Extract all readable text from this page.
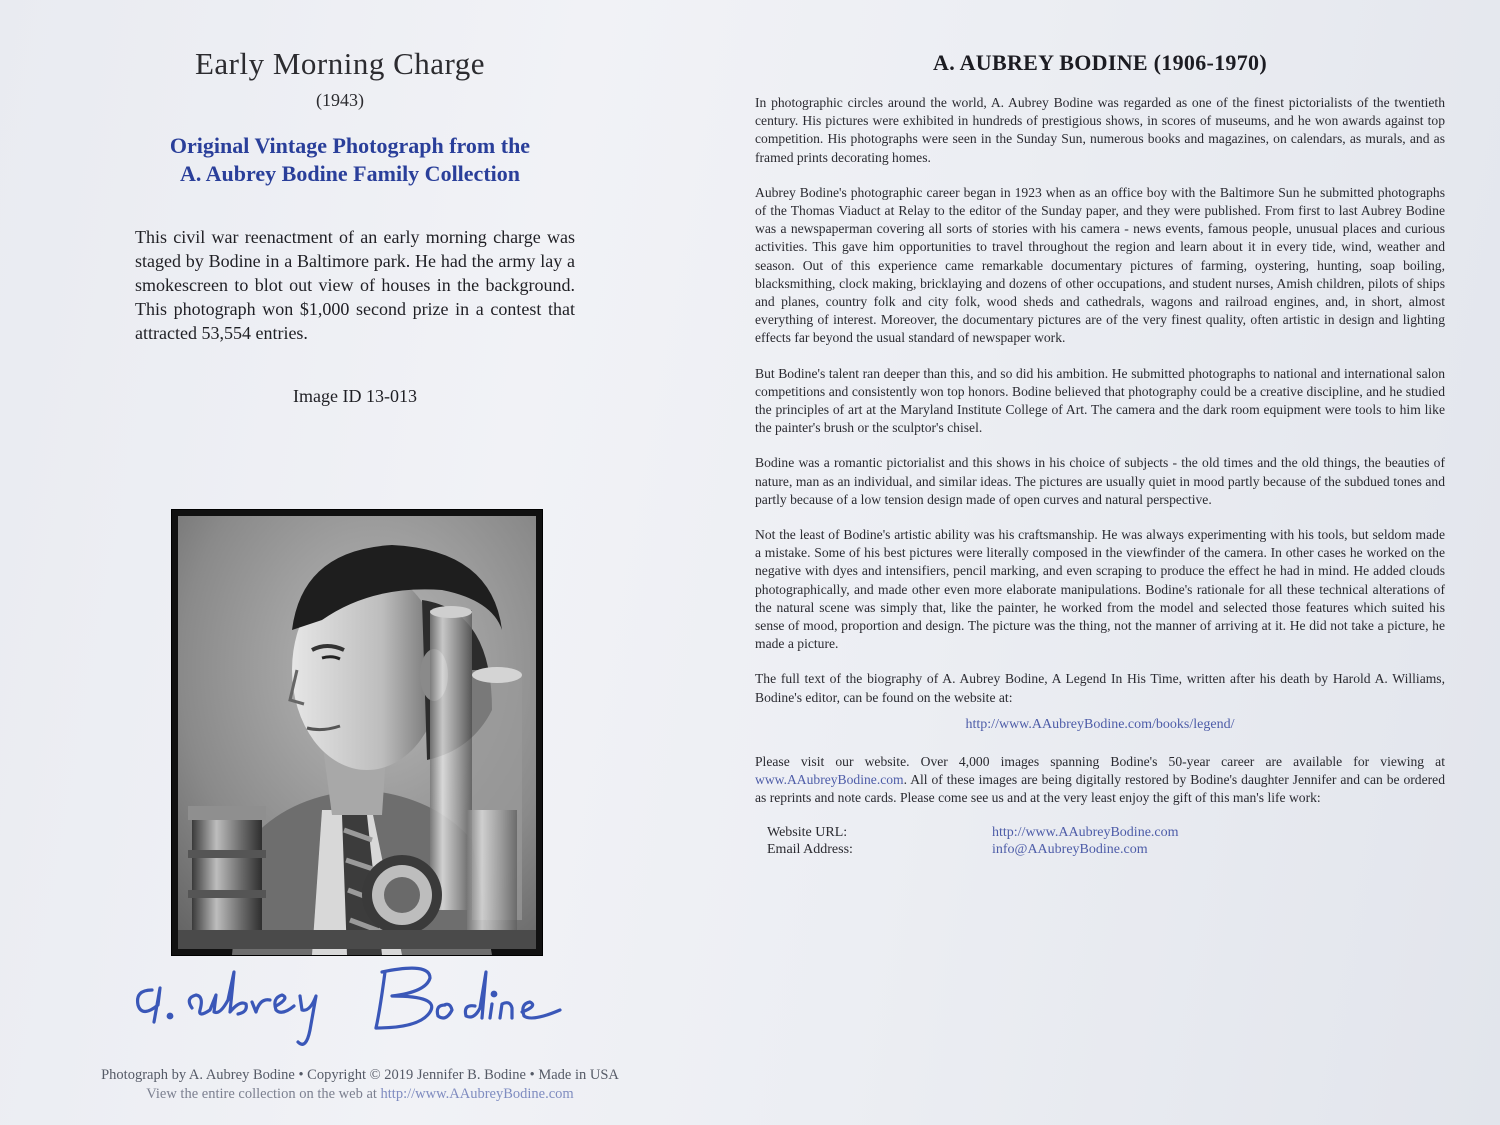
Early Morning Charge
(1943)
Original Vintage Photograph from the
A. Aubrey Bodine Family Collection

This civil war reenactment of an early morning charge was staged by Bodine in a Baltimore park. He had the army lay a smokescreen to blot out view of houses in the background. This photograph won $1,000 second prize in a contest that attracted 53,554 entries.

Image ID 13-013
Photograph by A. Aubrey Bodine • Copyright © 2019 Jennifer B. Bodine • Made in USA
View the entire collection on the web at http://www.AAubreyBodine.com
A. AUBREY BODINE (1906-1970)

In photographic circles around the world, A. Aubrey Bodine was regarded as one of the finest pictorialists of the twentieth century. His pictures were exhibited in hundreds of prestigious shows, in scores of museums, and he won awards against top competition. His photographs were seen in the Sunday Sun, numerous books and magazines, on calendars, as murals, and as framed prints decorating homes.

Aubrey Bodine's photographic career began in 1923 when as an office boy with the Baltimore Sun he submitted photographs of the Thomas Viaduct at Relay to the editor of the Sunday paper, and they were published. From first to last Aubrey Bodine was a newspaperman covering all sorts of stories with his camera - news events, famous people, unusual places and curious activities. This gave him opportunities to travel throughout the region and learn about it in every tide, wind, weather and season. Out of this experience came remarkable documentary pictures of farming, oystering, hunting, soap boiling, blacksmithing, clock making, bricklaying and dozens of other occupations, and student nurses, Amish children, pilots of ships and planes, country folk and city folk, wood sheds and cathedrals, wagons and railroad engines, and, in short, almost everything of interest. Moreover, the documentary pictures are of the very finest quality, often artistic in design and lighting effects far beyond the usual standard of newspaper work.

But Bodine's talent ran deeper than this, and so did his ambition. He submitted photographs to national and international salon competitions and consistently won top honors. Bodine believed that photography could be a creative discipline, and he studied the principles of art at the Maryland Institute College of Art. The camera and the dark room equipment were tools to him like the painter's brush or the sculptor's chisel.

Bodine was a romantic pictorialist and this shows in his choice of subjects - the old times and the old things, the beauties of nature, man as an individual, and similar ideas. The pictures are usually quiet in mood partly because of the subdued tones and partly because of a low tension design made of open curves and natural perspective.

Not the least of Bodine's artistic ability was his craftsmanship. He was always experimenting with his tools, but seldom made a mistake. Some of his best pictures were literally composed in the viewfinder of the camera. In other cases he worked on the negative with dyes and intensifiers, pencil marking, and even scraping to produce the effect he had in mind. He added clouds photographically, and made other even more elaborate manipulations. Bodine's rationale for all these technical alterations of the natural scene was simply that, like the painter, he worked from the model and selected those features which suited his sense of mood, proportion and design. The picture was the thing, not the manner of arriving at it. He did not take a picture, he made a picture.

The full text of the biography of A. Aubrey Bodine, A Legend In His Time, written after his death by Harold A. Williams, Bodine's editor, can be found on the website at:

http://www.AAubreyBodine.com/books/legend/

Please visit our website. Over 4,000 images spanning Bodine's 50-year career are available for viewing at www.AAubreyBodine.com. All of these images are being digitally restored by Bodine's daughter Jennifer and can be ordered as reprints and note cards. Please come see us and at the very least enjoy the gift of this man's life work:

Website URL:	http://www.AAubreyBodine.com
Email Address:	info@AAubreyBodine.com
